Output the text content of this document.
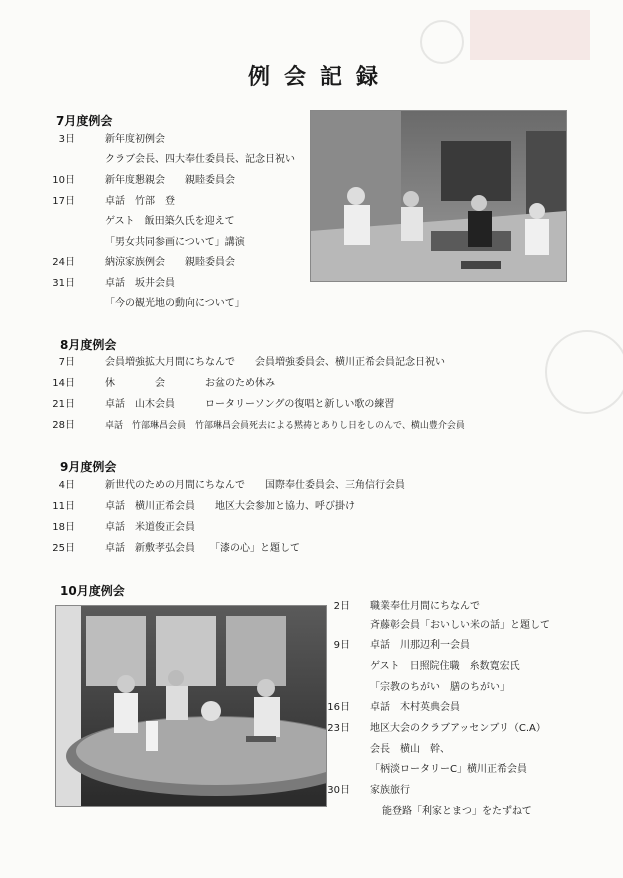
例会記録
7月度例会
3日	新年度初例会
クラブ会長、四大奉仕委員長、記念日祝い
10日	新年度懇親会　　親睦委員会
17日	卓話　竹部　登
ゲスト　飯田築久氏を迎えて
「男女共同参画について」講演
24日	納涼家族例会　　親睦委員会
31日	卓話　坂井会員
「今の観光地の動向について」
8月度例会
7日	会員増強拡大月間にちなんで　　会員増強委員会、横川正希会員記念日祝い
14日	休　　　　会　　　　お盆のため休み
21日	卓話　山木会員　　　ロータリーソングの復唱と新しい歌の練習
28日	卓話　竹部琳昌会員　竹部琳昌会員死去による黙祷とありし日をしのんで、横山豊介会員
9月度例会
4日	新世代のための月間にちなんで　　国際奉仕委員会、三角信行会員
11日	卓話　横川正希会員　　地区大会参加と協力、呼び掛け
18日	卓話　米道俊正会員
25日	卓話　新敷孝弘会員　　「漆の心」と題して
10月度例会
2日 職業奉仕月間にちなんで
斉藤彰会員「おいしい米の話」と題して
9日 卓話　川那辺利一会員
ゲスト　日照院住職　糸数寛宏氏
「宗教のちがい　膳のちがい」
16日 卓話　木村英典会員
23日 地区大会のクラブアッセンブリ（C.A）
会長　横山　幹、
「柄淡ロータリーC」横川正希会員
30日 家族旅行
能登路「利家とまつ」をたずねて
